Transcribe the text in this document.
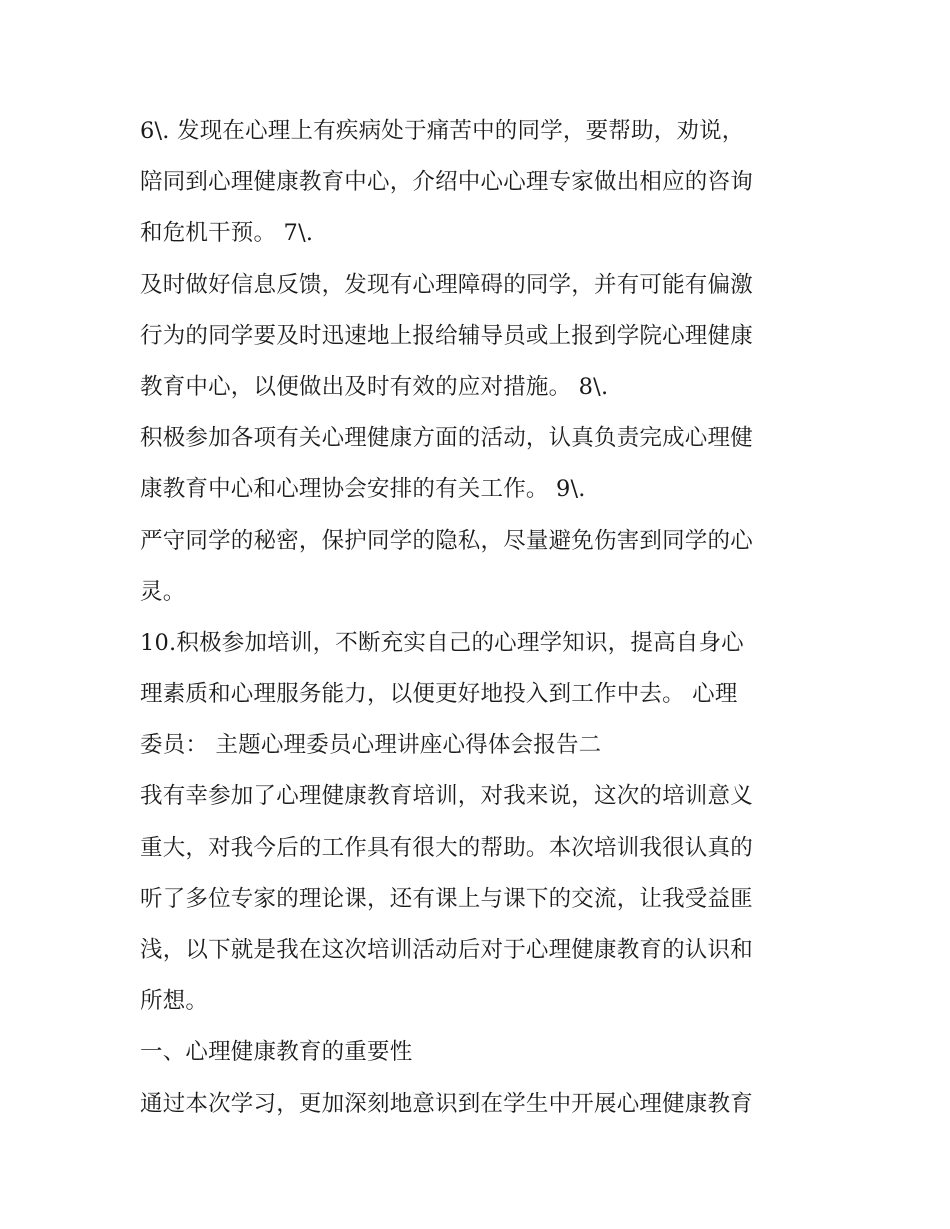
6\. 发现在心理上有疾病处于痛苦中的同学，要帮助，劝说，
陪同到心理健康教育中心，介绍中心心理专家做出相应的咨询
和危机干预。 7\.
及时做好信息反馈，发现有心理障碍的同学，并有可能有偏激
行为的同学要及时迅速地上报给辅导员或上报到学院心理健康
教育中心，以便做出及时有效的应对措施。 8\.
积极参加各项有关心理健康方面的活动，认真负责完成心理健
康教育中心和心理协会安排的有关工作。 9\.
严守同学的秘密，保护同学的隐私，尽量避免伤害到同学的心
灵。
10.积极参加培训，不断充实自己的心理学知识，提高自身心
理素质和心理服务能力，以便更好地投入到工作中去。 心理
委员： 主题心理委员心理讲座心得体会报告二
我有幸参加了心理健康教育培训，对我来说，这次的培训意义
重大，对我今后的工作具有很大的帮助。本次培训我很认真的
听了多位专家的理论课，还有课上与课下的交流，让我受益匪
浅，以下就是我在这次培训活动后对于心理健康教育的认识和
所想。
一、心理健康教育的重要性
通过本次学习，更加深刻地意识到在学生中开展心理健康教育
